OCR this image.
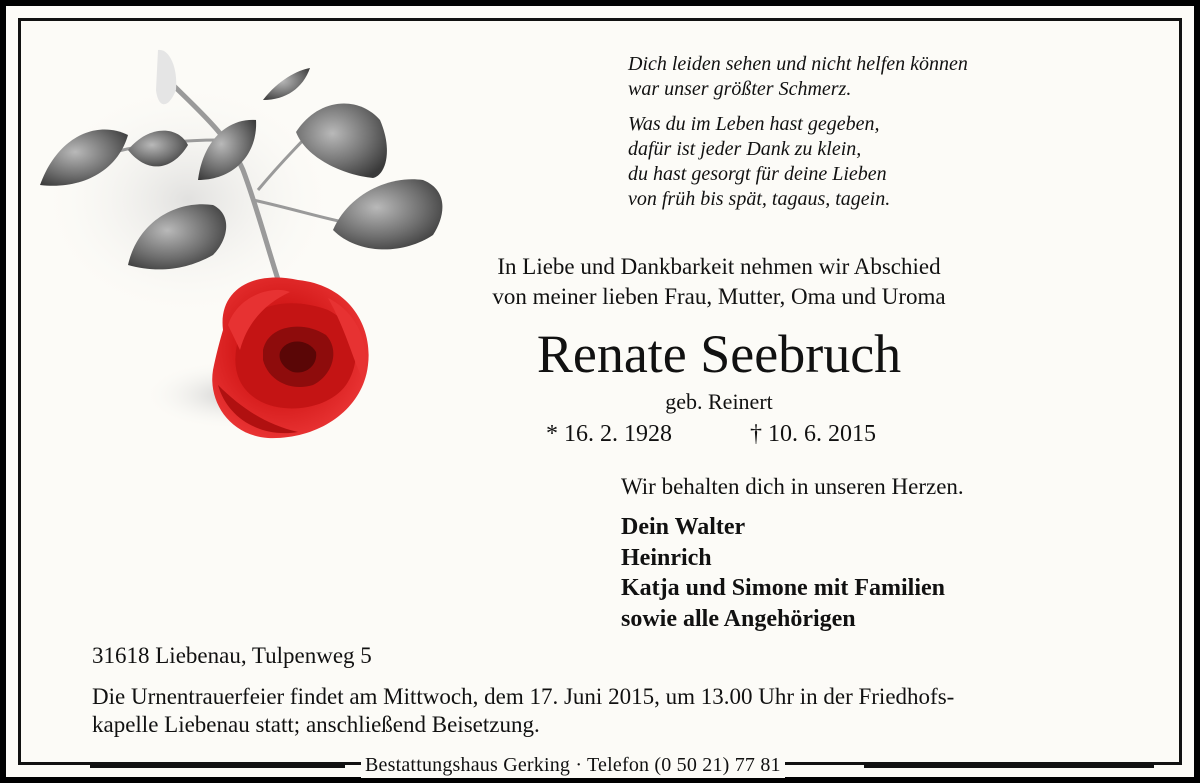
Dich leiden sehen und nicht helfen können
war unser größter Schmerz.

Was du im Leben hast gegeben,
dafür ist jeder Dank zu klein,
du hast gesorgt für deine Lieben
von früh bis spät, tagaus, tagein.

In Liebe und Dankbarkeit nehmen wir Abschied
von meiner lieben Frau, Mutter, Oma und Uroma
Renate Seebruch
geb. Reinert
* 16. 2. 1928	† 10. 6. 2015
Wir behalten dich in unseren Herzen.
Dein Walter
Heinrich
Katja und Simone mit Familien
sowie alle Angehörigen
31618 Liebenau, Tulpenweg 5
Die Urnentrauerfeier findet am Mittwoch, dem 17. Juni 2015, um 13.00 Uhr in der Friedhofs-
kapelle Liebenau statt; anschließend Beisetzung.
Bestattungshaus Gerking · Telefon (0 50 21) 77 81
